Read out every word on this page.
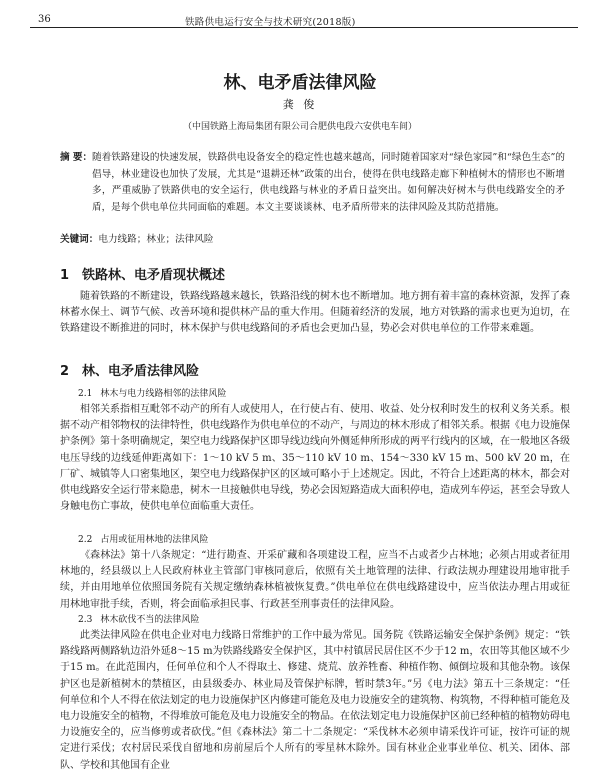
36	铁路供电运行安全与技术研究(2018版)
林、电矛盾法律风险
龚 俊
（中国铁路上海局集团有限公司合肥供电段六安供电车间）
摘 要： 随着铁路建设的快速发展，铁路供电设备安全的稳定性也越来越高，同时随着国家对“绿色家园”和“绿色生态”的倡导，林业建设也加快了发展，尤其是“退耕还林”政策的出台，使得在供电线路走廊下种植树木的情形也不断增多，严重威胁了铁路供电的安全运行，供电线路与林业的矛盾日益突出。如何解决好树木与供电线路安全的矛盾，是每个供电单位共同面临的难题。本文主要谈谈林、电矛盾所带来的法律风险及其防范措施。
关键词：电力线路；林业；法律风险
1 铁路林、电矛盾现状概述

随着铁路的不断建设，铁路线路越来越长，铁路沿线的树木也不断增加。地方拥有着丰富的森林资源，发挥了森林蓄水保土、调节气候、改善环境和提供林产品的重大作用。但随着经济的发展，地方对铁路的需求也更为迫切，在铁路建设不断推进的同时，林木保护与供电线路间的矛盾也会更加凸显，势必会对供电单位的工作带来难题。

2 林、电矛盾法律风险
2.1 林木与电力线路相邻的法律风险

相邻关系指相互毗邻不动产的所有人或使用人，在行使占有、使用、收益、处分权利时发生的权利义务关系。根据不动产相邻物权的法律特性，供电线路作为供电单位的不动产，与周边的林木形成了相邻关系。根据《电力设施保护条例》第十条明确规定，架空电力线路保护区即导线边线向外侧延伸所形成的两平行线内的区域，在一般地区各级电压导线的边线延伸距离如下：1～10 kV 5 m、35～110 kV 10 m、154～330 kV 15 m、500 kV 20 m，在厂矿、城镇等人口密集地区，架空电力线路保护区的区域可略小于上述规定。因此，不符合上述距离的林木，都会对供电线路安全运行带来隐患，树木一旦接触供电导线，势必会因短路造成大面积停电，造成列车停运，甚至会导致人身触电伤亡事故，使供电单位面临重大责任。

2.2 占用或征用林地的法律风险

《森林法》第十八条规定：“进行勘查、开采矿藏和各项建设工程，应当不占或者少占林地；必须占用或者征用林地的，经县级以上人民政府林业主管部门审核同意后，依照有关土地管理的法律、行政法规办理建设用地审批手续，并由用地单位依照国务院有关规定缴纳森林植被恢复费。”供电单位在供电线路建设中，应当依法办理占用或征用林地审批手续，否则，将会面临承担民事、行政甚至刑事责任的法律风险。

2.3 林木砍伐不当的法律风险

此类法律风险在供电企业对电力线路日常维护的工作中最为常见。国务院《铁路运输安全保护条例》规定：“铁路线路两侧路轨边沿外延8～15 m为铁路线路安全保护区，其中村镇居民居住区不少于12 m，农田等其他区域不少于15 m。在此范围内，任何单位和个人不得取土、修建、烧荒、放养牲畜、种植作物、倾倒垃圾和其他杂物。该保护区也是新植树木的禁植区，由县级委办、林业局及管保护标牌，暂时禁3年。”另《电力法》第五十三条规定：“任何单位和个人不得在依法划定的电力设施保护区内修建可能危及电力设施安全的建筑物、构筑物，不得种植可能危及电力设施安全的植物，不得堆放可能危及电力设施安全的物品。在依法划定电力设施保护区前已经种植的植物妨碍电力设施安全的，应当修剪或者砍伐。”但《森林法》第二十二条规定：“采伐林木必须申请采伐许可证，按许可证的规定进行采伐；农村居民采伐自留地和房前屋后个人所有的零星林木除外。国有林业企业事业单位、机关、团体、部队、学校和其他国有企业
